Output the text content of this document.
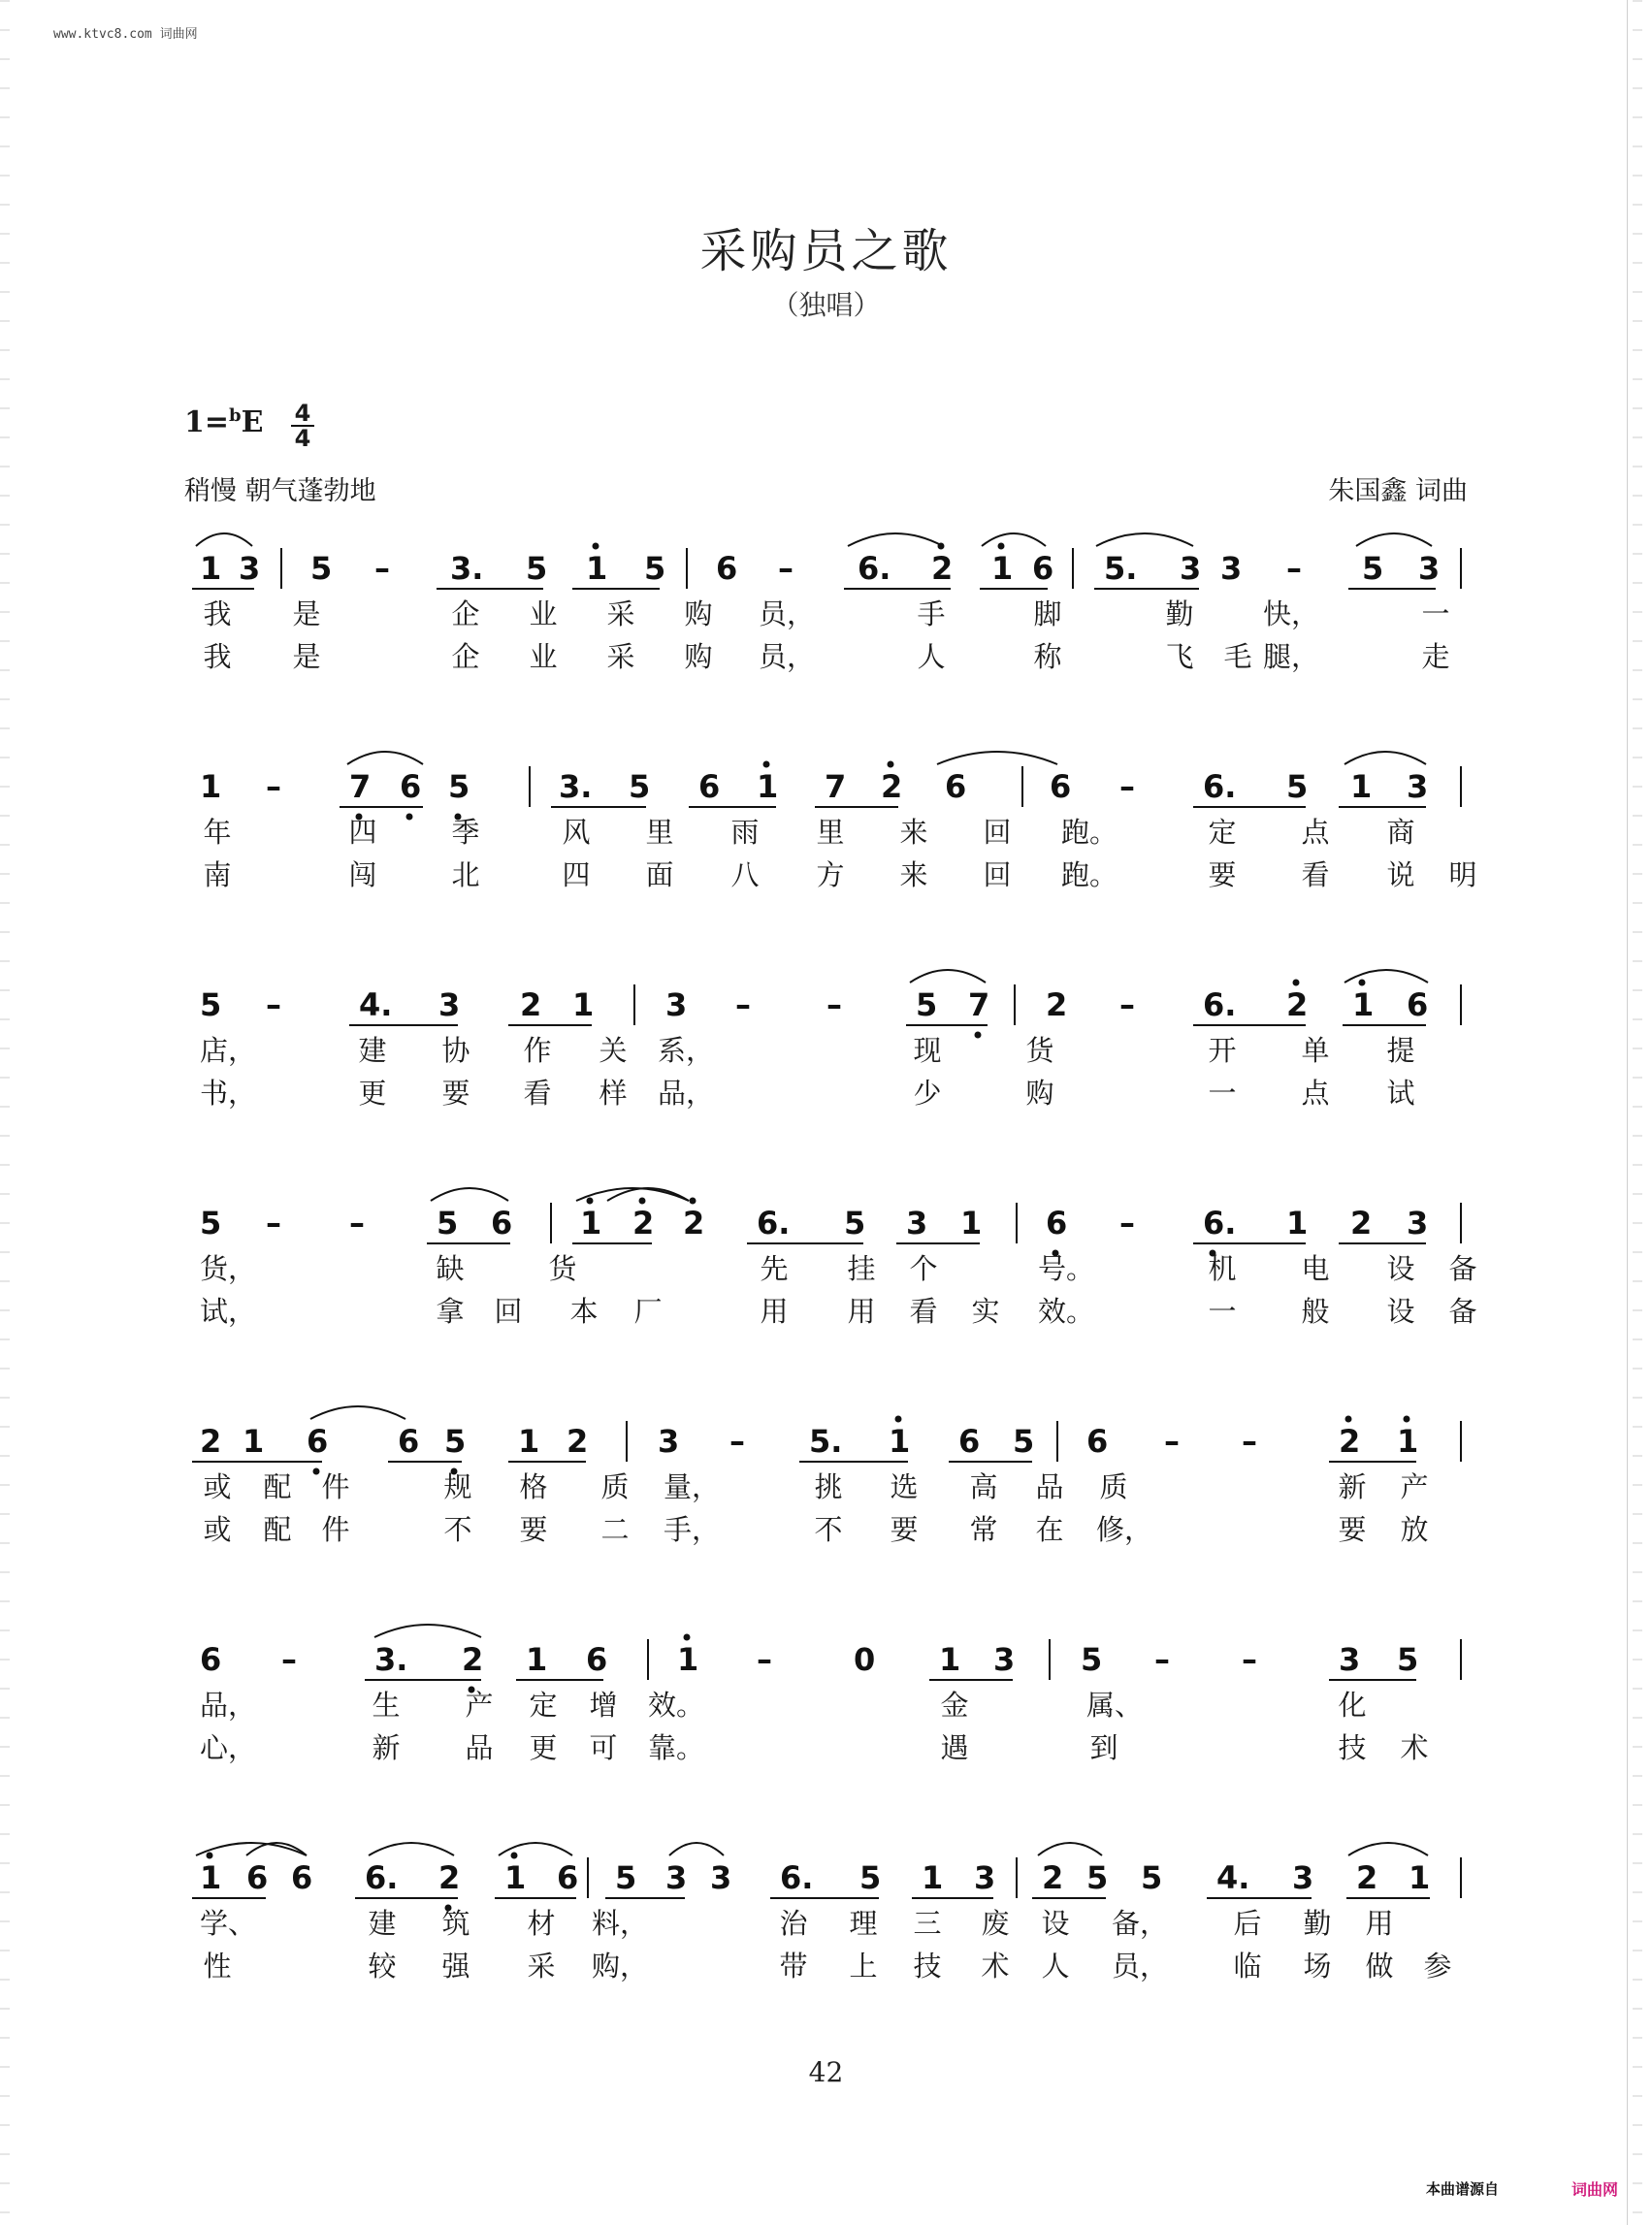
www.ktvc8.com 词曲网
采购员之歌
（独唱）
1=$^b$E 4
4
稍慢 朝气蓬勃地	朱国鑫 词曲
1 3 5 – 3. 5 1 5 6 – 6. 2 1 6 5. 3 3 – 5 3
我 是	企 业 采 购 员，	手	脚	勤 快，	一
我 是	企 业 采 购 员，	人	称	飞 毛 腿，	走
1 – 7 6 5	3. 5 6 1 7 2 6	6 – 6. 5 1 3
年	四	季	风 里 雨 里 来 回 跑。	定 点 商
南	闯	北	四 面 八 方 来 回 跑。	要 看 说 明
5 –	4. 3 2 1 3 – – 5 7 2 – 6. 2 1 6
店，	建 协 作 关 系，	现	货	开 单 提
书，	更 要 看 样 品，	少	购	一 点 试
5 – – 5 6 1 2 2 6. 5 3 1 6 – 6. 1 2 3
货，	缺	货	先 挂 个	号。	机 电 设 备
试，	拿 回 本 厂	用 用 看 实 效。	一 般 设 备
2 1 6 6 5 1 2 3 – 5. 1 6 5 6 – –	2 1
或 配 件	规 格 质 量，	挑 选 高 品 质	新 产
或 配 件	不 要 二 手，	不 要 常 在 修，	要 放
6 –	3. 2 1 6 1 –	0 1 3 5 – –	3 5
品，	生 产 定 增 效。	金	属、	化
心，	新 品 更 可 靠。	遇	到	技 术
1 6 6 6. 2 1 6 5 3 3 6. 5 1 3 2 5 5 4. 3 2 1
学、	建 筑 材 料，	治 理 三 废 设 备， 后 勤 用
性	较 强 采 购，	带 上 技 术 人 员， 临 场 做 参
42
本曲谱源自	词曲网
